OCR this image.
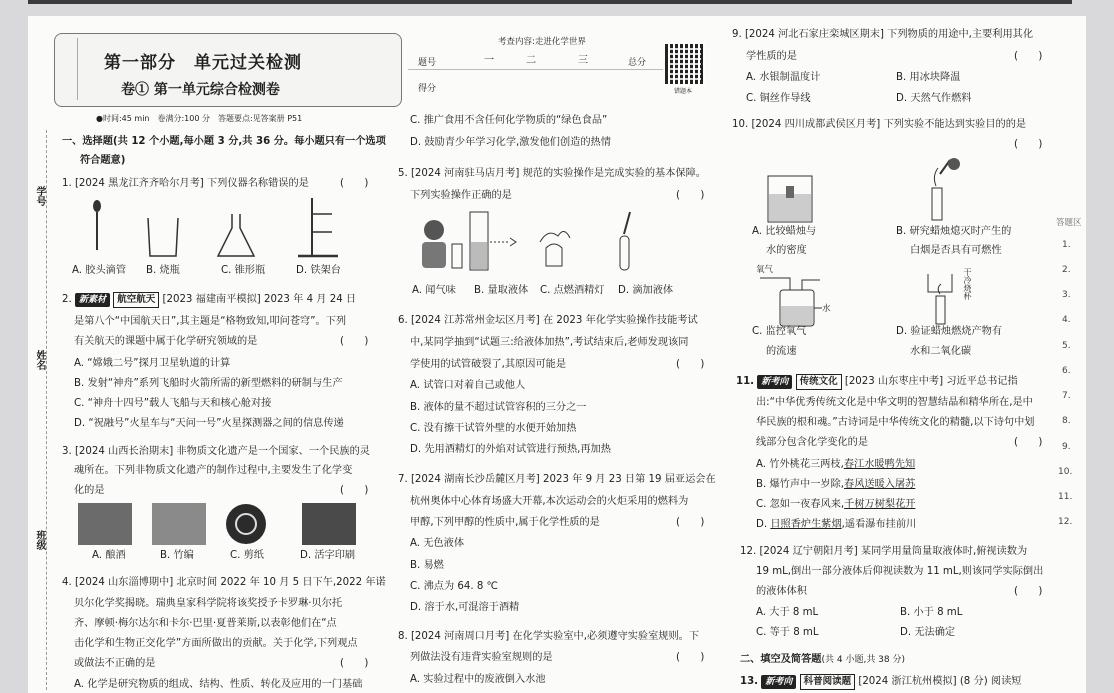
学号
姓名
班级
第一部分　单元过关检测
卷① 第一单元综合检测卷
●时间:45 min　卷满分:100 分　答题要点:见答案册 P51
考查内容:走进化学世界
题号	一	二	三	总分
得分	错题本
一、选择题(共 12 个小题,每小题 3 分,共 36 分。每小题只有一个选项
符合题意)
1. [2024 黑龙江齐齐哈尔月考] 下列仪器名称错误的是	(　　)
A. 胶头滴管 B. 烧瓶	C. 锥形瓶	D. 铁架台
2. 新素材 航空航天 [2023 福建南平模拟] 2023 年 4 月 24 日
是第八个“中国航天日”,其主题是“格物致知,叩问苍穹”。下列
有关航天的课题中属于化学研究领域的是	(　　)
A. “嫦娥二号”探月卫星轨道的计算
B. 发射“神舟”系列飞船时火箭所需的新型燃料的研制与生产
C. “神舟十四号”载人飞船与天和核心舱对接
D. “祝融号”火星车与“天问一号”火星探测器之间的信息传递
3. [2024 山西长治期末] 非物质文化遗产是一个国家、一个民族的灵
魂所在。下列非物质文化遗产的制作过程中,主要发生了化学变
化的是	(　　)
A. 酿酒	B. 竹编	C. 剪纸	D. 活字印刷
4. [2024 山东淄博期中] 北京时间 2022 年 10 月 5 日下午,2022 年诺
贝尔化学奖揭晓。瑞典皇家科学院将该奖授予卡罗琳·贝尔托
齐、摩顿·梅尔达尔和卡尔·巴里·夏普莱斯,以表彰他们在“点
击化学和生物正交化学”方面所做出的贡献。关于化学,下列观点
或做法不正确的是	(　　)
A. 化学是研究物质的组成、结构、性质、转化及应用的一门基础
C. 推广食用不含任何化学物质的“绿色食品”
D. 鼓励青少年学习化学,激发他们创造的热情
5. [2024 河南驻马店月考] 规范的实验操作是完成实验的基本保障。
下列实验操作正确的是	(　　)
A. 闻气味 B. 量取液体 C. 点燃酒精灯 D. 滴加液体
6. [2024 江苏常州金坛区月考] 在 2023 年化学实验操作技能考试
中,某同学抽到“试题三:给液体加热”,考试结束后,老师发现该同
学使用的试管破裂了,其原因可能是	(　　)
A. 试管口对着自己或他人
B. 液体的量不超过试管容积的三分之一
C. 没有擦干试管外壁的水便开始加热
D. 先用酒精灯的外焰对试管进行预热,再加热
7. [2024 湖南长沙岳麓区月考] 2023 年 9 月 23 日第 19 届亚运会在
杭州奥体中心体育场盛大开幕,本次运动会的火炬采用的燃料为
甲醇,下列甲醇的性质中,属于化学性质的是	(　　)
A. 无色液体
B. 易燃
C. 沸点为 64. 8 ℃
D. 溶于水,可混溶于酒精
8. [2024 河南周口月考] 在化学实验室中,必须遵守实验室规则。下
列做法没有违背实验室规则的是	(　　)
A. 实验过程中的废液倒入水池
9. [2024 河北石家庄栾城区期末] 下列物质的用途中,主要利用其化
学性质的是	(　　)
A. 水银制温度计	B. 用冰块降温
C. 铜丝作导线	D. 天然气作燃料
10. [2024 四川成都武侯区月考] 下列实验不能达到实验目的的是
(　　)
A. 比较蜡烛与
水的密度
B. 研究蜡烛熄灭时产生的
白烟是否具有可燃性
氧气
水
干冷烧杯
C. 监控氧气
的流速
D. 验证蜡烛燃烧产物有
水和二氧化碳
11. 新考向 传统文化 [2023 山东枣庄中考] 习近平总书记指
出:“中华优秀传统文化是中华文明的智慧结晶和精华所在,是中
华民族的根和魂。”古诗词是中华传统文化的精髓,以下诗句中划
线部分包含化学变化的是	(　　)
A. 竹外桃花三两枝,春江水暖鸭先知
B. 爆竹声中一岁除,春风送暖入屠苏
C. 忽如一夜春风来,千树万树梨花开
D. 日照香炉生紫烟,遥看瀑布挂前川
12. [2024 辽宁朝阳月考] 某同学用量筒量取液体时,俯视读数为
19 mL,倒出一部分液体后仰视读数为 11 mL,则该同学实际倒出
的液体体积	(　　)
A. 大于 8 mL	B. 小于 8 mL
C. 等于 8 mL	D. 无法确定
二、填空及简答题(共 4 小题,共 38 分)
13. 新考向 科普阅读题 [2024 浙江杭州模拟] (8 分) 阅读短
答题区
1.
2.
3.
4.
5.
6.
7.
8.
9.
10.
11.
12.
